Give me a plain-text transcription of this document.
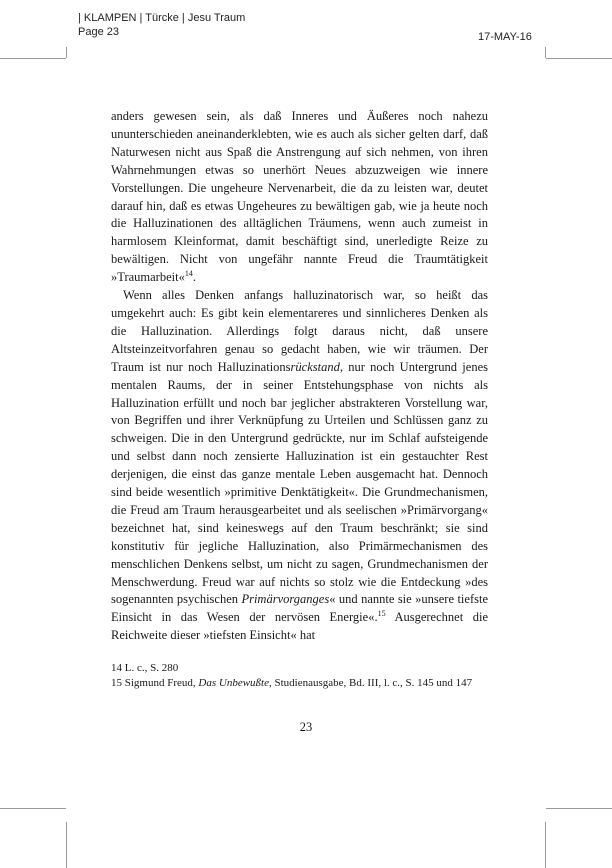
| KLAMPEN | Türcke | Jesu Traum
Page 23	17-MAY-16

anders gewesen sein, als daß Inneres und Äußeres noch nahezu ununterschieden aneinanderklebten, wie es auch als sicher gelten darf, daß Naturwesen nicht aus Spaß die Anstrengung auf sich nehmen, von ihren Wahrnehmungen etwas so unerhört Neues abzuzweigen wie innere Vorstellungen. Die ungeheure Nervenarbeit, die da zu leisten war, deutet darauf hin, daß es etwas Ungeheures zu bewältigen gab, wie ja heute noch die Halluzinationen des alltäglichen Träumens, wenn auch zumeist in harmlosem Kleinformat, damit beschäftigt sind, unerledigte Reize zu bewältigen. Nicht von ungefähr nannte Freud die Traumtätigkeit »Traumarbeit«$^{14}$.

Wenn alles Denken anfangs halluzinatorisch war, so heißt das umgekehrt auch: Es gibt kein elementareres und sinnlicheres Denken als die Halluzination. Allerdings folgt daraus nicht, daß unsere Altsteinzeitvorfahren genau so gedacht haben, wie wir träumen. Der Traum ist nur noch Halluzinationsrückstand, nur noch Untergrund jenes mentalen Raums, der in seiner Entstehungsphase von nichts als Halluzination erfüllt und noch bar jeglicher abstrakteren Vorstellung war, von Begriffen und ihrer Verknüpfung zu Urteilen und Schlüssen ganz zu schweigen. Die in den Untergrund gedrückte, nur im Schlaf aufsteigende und selbst dann noch zensierte Halluzination ist ein gestauchter Rest derjenigen, die einst das ganze mentale Leben ausgemacht hat. Dennoch sind beide wesentlich »primitive Denktätigkeit«. Die Grundmechanismen, die Freud am Traum herausgearbeitet und als seelischen »Primärvorgang« bezeichnet hat, sind keineswegs auf den Traum beschränkt; sie sind konstitutiv für jegliche Halluzination, also Primärmechanismen des menschlichen Denkens selbst, um nicht zu sagen, Grundmechanismen der Menschwerdung. Freud war auf nichts so stolz wie die Entdeckung »des sogenannten psychischen Primärvorganges« und nannte sie »unsere tiefste Einsicht in das Wesen der nervösen Energie«.$^{15}$ Ausgerechnet die Reichweite dieser »tiefsten Einsicht« hat

14 L. c., S. 280
15 Sigmund Freud, Das Unbewußte, Studienausgabe, Bd. III, l. c., S. 145 und 147
23
